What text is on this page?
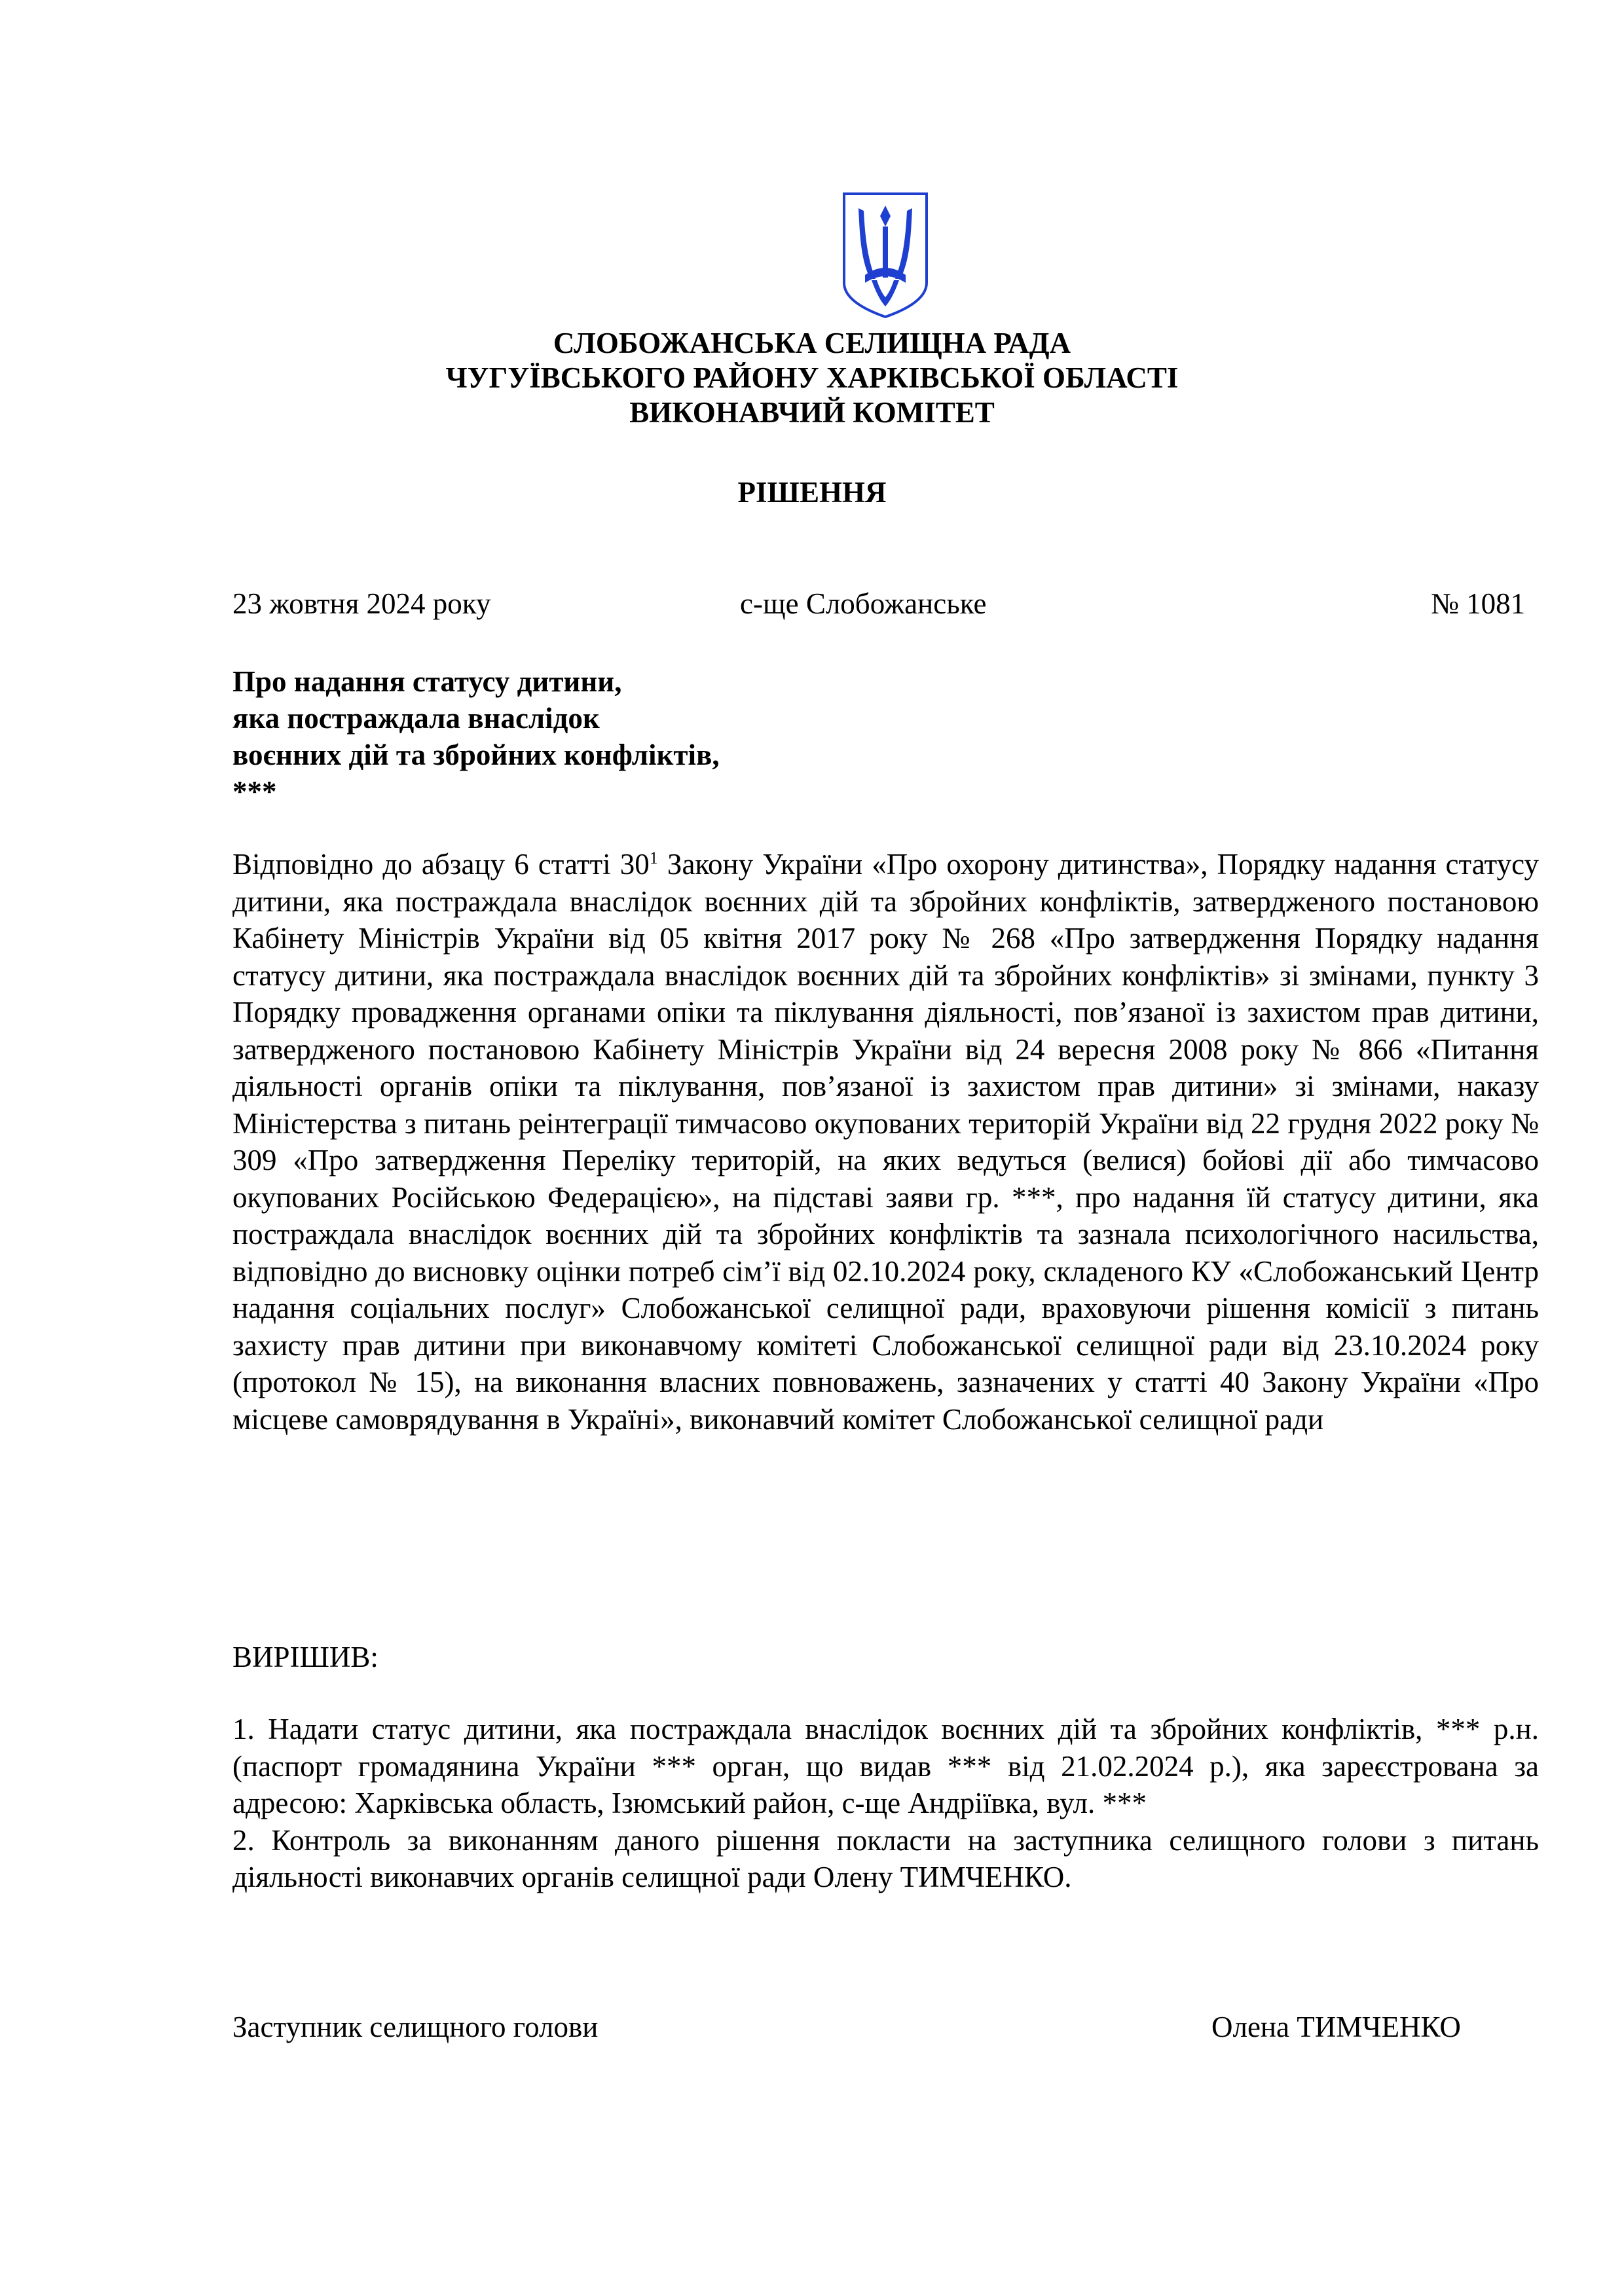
СЛОБОЖАНСЬКА СЕЛИЩНА РАДА
ЧУГУЇВСЬКОГО РАЙОНУ ХАРКІВСЬКОЇ ОБЛАСТІ
ВИКОНАВЧИЙ КОМІТЕТ
РІШЕННЯ
23 жовтня 2024 року	с-ще Слобожанське	№ 1081
Про надання статусу дитини,
яка постраждала внаслідок
воєнних дій та збройних конфліктів,
***

Відповідно до абзацу 6 статті $30^1$ Закону України «Про охорону дитинства», Порядку надання статусу дитини, яка постраждала внаслідок воєнних дій та збройних конфліктів, затвердженого постановою Кабінету Міністрів України від 05 квітня 2017 року № 268 «Про затвердження Порядку надання статусу дитини, яка постраждала внаслідок воєнних дій та збройних конфліктів» зі змінами, пункту 3 Порядку провадження органами опіки та піклування діяльності, пов’язаної із захистом прав дитини, затвердженого постановою Кабінету Міністрів України від 24 вересня 2008 року № 866 «Питання діяльності органів опіки та піклування, пов’язаної із захистом прав дитини» зі змінами, наказу Міністерства з питань реінтеграції тимчасово окупованих територій України від 22 грудня 2022 року № 309 «Про затвердження Переліку територій, на яких ведуться (велися) бойові дії або тимчасово окупованих Російською Федерацією», на підставі заяви гр. ***, про надання їй статусу дитини, яка постраждала внаслідок воєнних дій та збройних конфліктів та зазнала психологічного насильства, відповідно до висновку оцінки потреб сім’ї від 02.10.2024 року, складеного КУ «Слобожанський Центр надання соціальних послуг» Слобожанської селищної ради, враховуючи рішення комісії з питань захисту прав дитини при виконавчому комітеті Слобожанської селищної ради від 23.10.2024 року (протокол № 15), на виконання власних повноважень, зазначених у статті 40 Закону України «Про місцеве самоврядування в Україні», виконавчий комітет Слобожанської селищної ради

ВИРІШИВ:

1. Надати статус дитини, яка постраждала внаслідок воєнних дій та збройних конфліктів, *** р.н. (паспорт громадянина України *** орган, що видав *** від 21.02.2024 р.), яка зареєстрована за адресою: Харківська область, Ізюмський район, с-ще Андріївка, вул. ***

2. Контроль за виконанням даного рішення покласти на заступника селищного голови з питань діяльності виконавчих органів селищної ради Олену ТИМЧЕНКО.

Заступник селищного голови	Олена ТИМЧЕНКО
